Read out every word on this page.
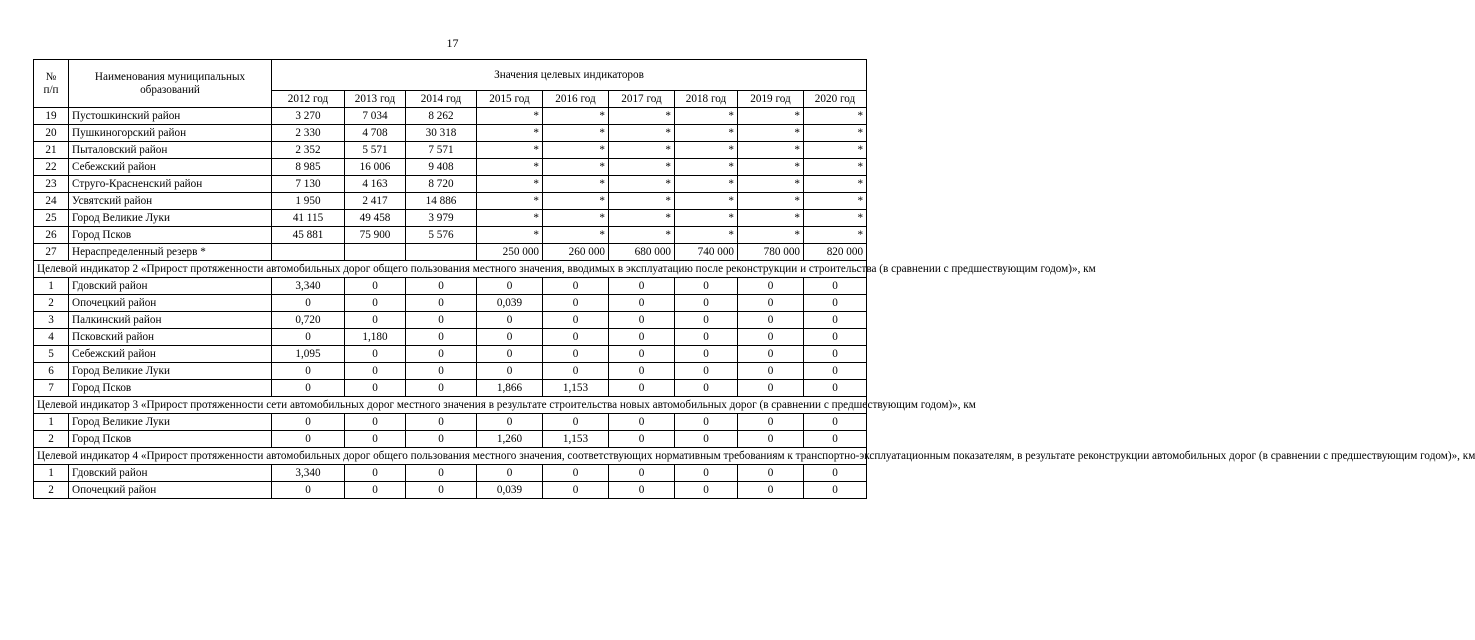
17
№
п/п	Наименования муниципальных образований	Значения целевых индикаторов								
		2012 год	2013 год	2014 год	2015 год	2016 год	2017 год	2018 год	2019 год	2020 год
19	Пустошкинский район	3 270	7 034	8 262	*	*	*	*	*	*
20	Пушкиногорский район	2 330	4 708	30 318	*	*	*	*	*	*
21	Пыталовский район	2 352	5 571	7 571	*	*	*	*	*	*
22	Себежский район	8 985	16 006	9 408	*	*	*	*	*	*
23	Струго-Красненский район	7 130	4 163	8 720	*	*	*	*	*	*
24	Усвятский район	1 950	2 417	14 886	*	*	*	*	*	*
25	Город Великие Луки	41 115	49 458	3 979	*	*	*	*	*	*
26	Город Псков	45 881	75 900	5 576	*	*	*	*	*	*
27	Нераспределенный резерв *				250 000	260 000	680 000	740 000	780 000	820 000
Целевой индикатор 2 «Прирост протяженности автомобильных дорог общего пользования местного значения, вводимых в эксплуатацию после реконструкции и строительства (в сравнении с предшествующим годом)», км										
1	Гдовский район	3,340	0	0	0	0	0	0	0	0
2	Опочецкий район	0	0	0	0,039	0	0	0	0	0
3	Палкинский район	0,720	0	0	0	0	0	0	0	0
4	Псковский район	0	1,180	0	0	0	0	0	0	0
5	Себежский район	1,095	0	0	0	0	0	0	0	0
6	Город Великие Луки	0	0	0	0	0	0	0	0	0
7	Город Псков	0	0	0	1,866	1,153	0	0	0	0
Целевой индикатор 3 «Прирост протяженности сети автомобильных дорог местного значения в результате строительства новых автомобильных дорог (в сравнении с предшествующим годом)», км										
1	Город Великие Луки	0	0	0	0	0	0	0	0	0
2	Город Псков	0	0	0	1,260	1,153	0	0	0	0
Целевой индикатор 4 «Прирост протяженности автомобильных дорог общего пользования местного значения, соответствующих нормативным требованиям к транспортно-эксплуатационным показателям, в результате реконструкции автомобильных дорог (в сравнении с предшествующим годом)», км										
1	Гдовский район	3,340	0	0	0	0	0	0	0	0
2	Опочецкий район	0	0	0	0,039	0	0	0	0	0
